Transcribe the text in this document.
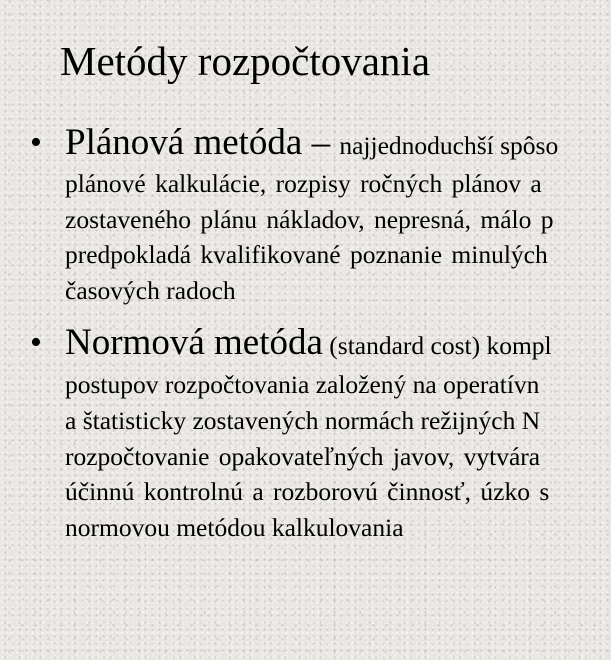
Metódy rozpočtovania
• Plánová metóda – najjednoduchší spôso
plánové kalkulácie, rozpisy ročných plánov a
zostaveného plánu nákladov, nepresná, málo p
predpokladá kvalifikované poznanie minulých
časových radoch
• Normová metóda (standard cost) kompl
postupov rozpočtovania založený na operatívn
a štatisticky zostavených normách režijných N
rozpočtovanie opakovateľných javov, vytvára
účinnú kontrolnú a rozborovú činnosť, úzko s
normovou metódou kalkulovania
